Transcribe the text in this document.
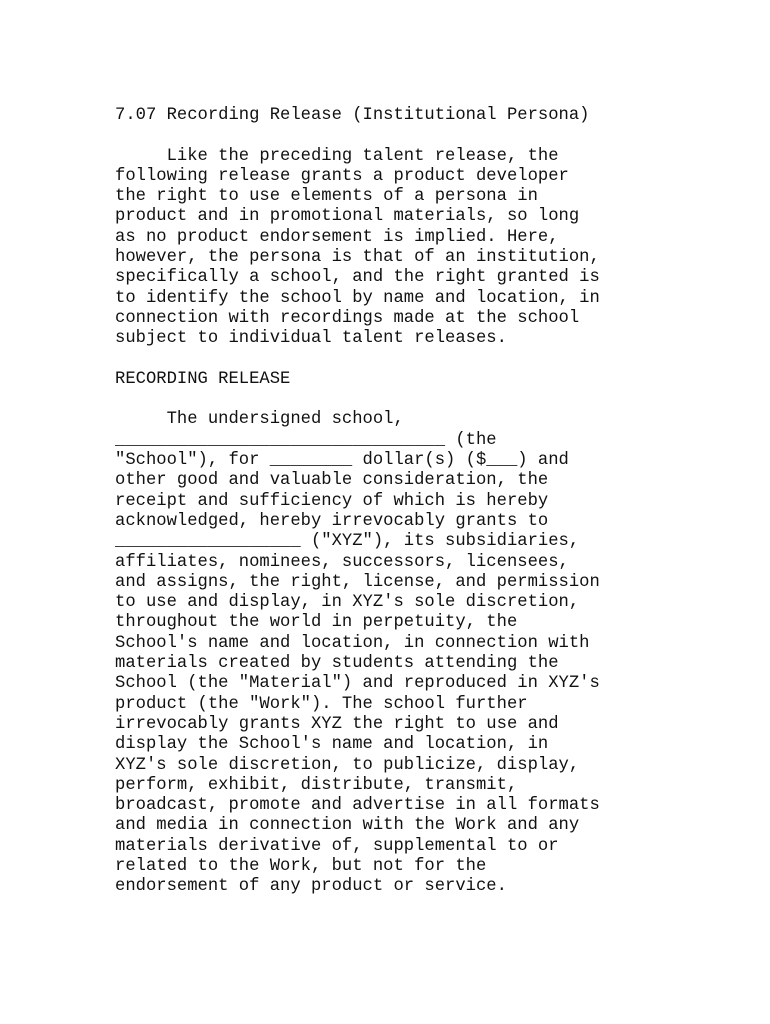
7.07 Recording Release (Institutional Persona)
Like the preceding talent release, the
following release grants a product developer
the right to use elements of a persona in
product and in promotional materials, so long
as no product endorsement is implied. Here,
however, the persona is that of an institution,
specifically a school, and the right granted is
to identify the school by name and location, in
connection with recordings made at the school
subject to individual talent releases.
RECORDING RELEASE
The undersigned school,
________________________________ (the
"School"), for ________ dollar(s) ($___) and
other good and valuable consideration, the
receipt and sufficiency of which is hereby
acknowledged, hereby irrevocably grants to
__________________ ("XYZ"), its subsidiaries,
affiliates, nominees, successors, licensees,
and assigns, the right, license, and permission
to use and display, in XYZ's sole discretion,
throughout the world in perpetuity, the
School's name and location, in connection with
materials created by students attending the
School (the "Material") and reproduced in XYZ's
product (the "Work"). The school further
irrevocably grants XYZ the right to use and
display the School's name and location, in
XYZ's sole discretion, to publicize, display,
perform, exhibit, distribute, transmit,
broadcast, promote and advertise in all formats
and media in connection with the Work and any
materials derivative of, supplemental to or
related to the Work, but not for the
endorsement of any product or service.
